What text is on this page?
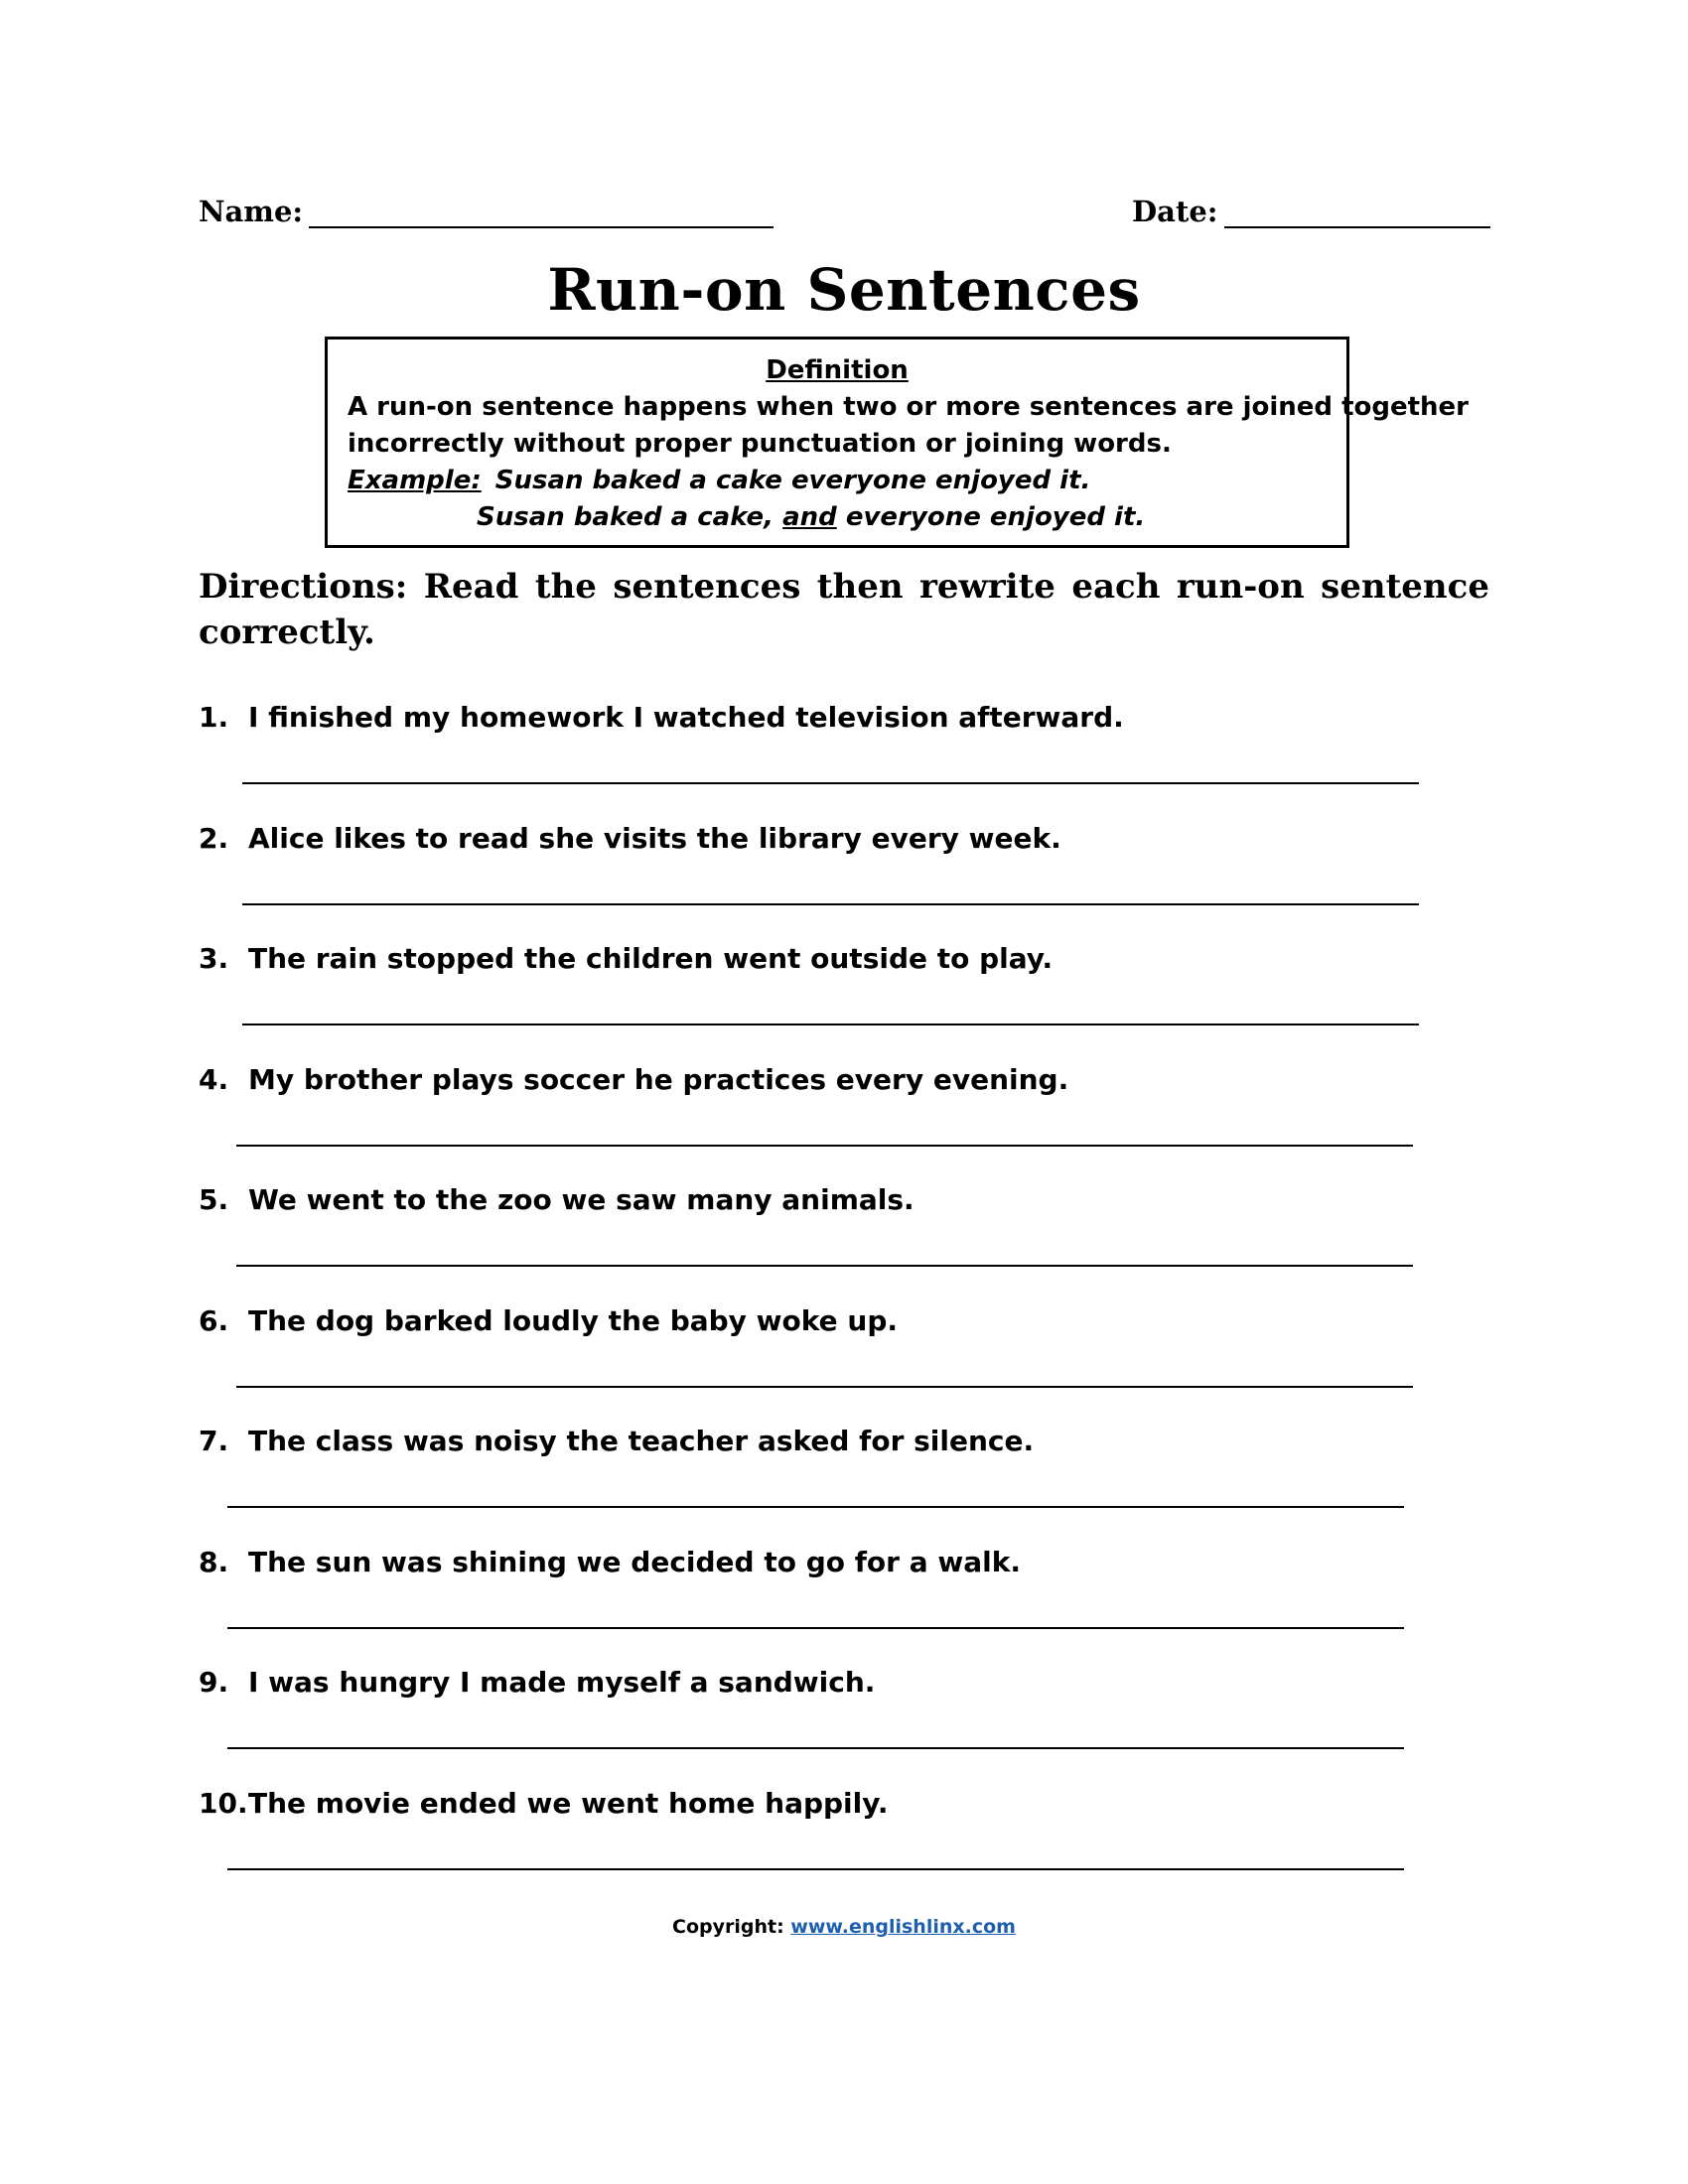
Name:	Date:
Run-on Sentences
Definition
A run-on sentence happens when two or more sentences are joined together
incorrectly without proper punctuation or joining words.
Example: Susan baked a cake everyone enjoyed it.
Susan baked a cake, and everyone enjoyed it.
Directions: Read the sentences then rewrite each run-on sentence correctly.
1. I finished my homework I watched television afterward.
2. Alice likes to read she visits the library every week.
3. The rain stopped the children went outside to play.
4. My brother plays soccer he practices every evening.
5. We went to the zoo we saw many animals.
6. The dog barked loudly the baby woke up.
7. The class was noisy the teacher asked for silence.
8. The sun was shining we decided to go for a walk.
9. I was hungry I made myself a sandwich.
10.The movie ended we went home happily.
Copyright: www.englishlinx.com
